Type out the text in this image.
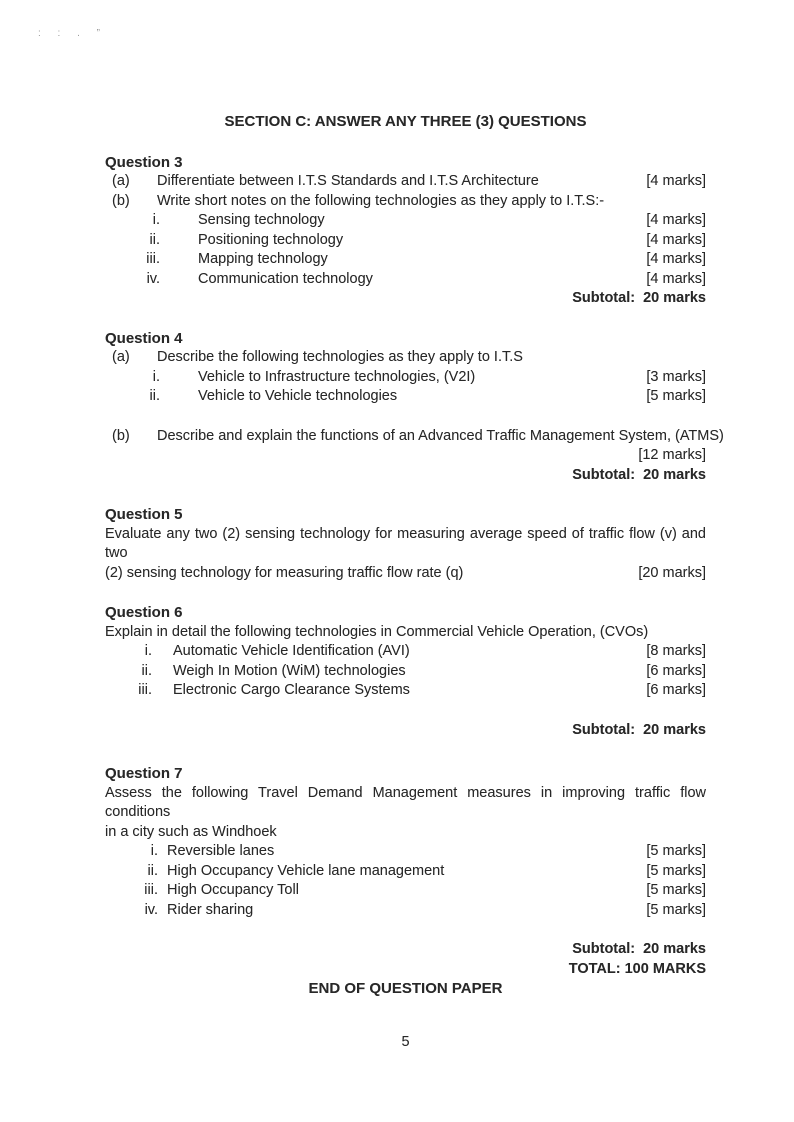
: : . ”
SECTION C: ANSWER ANY THREE (3) QUESTIONS
Question 3
(a)	Differentiate between I.T.S Standards and I.T.S Architecture	[4 marks]
(b)	Write short notes on the following technologies as they apply to I.T.S:-
i.	Sensing technology	[4 marks]
ii.	Positioning technology	[4 marks]
iii.	Mapping technology	[4 marks]
iv.	Communication technology	[4 marks]
Subtotal:  20 marks
Question 4
(a)	Describe the following technologies as they apply to I.T.S
i.	Vehicle to Infrastructure technologies, (V2I)	[3 marks]
ii.	Vehicle to Vehicle technologies	[5 marks]
(b)	Describe and explain the functions of an Advanced Traffic Management System, (ATMS)
[12 marks]
Subtotal:  20 marks
Question 5
Evaluate any two (2) sensing technology for measuring average speed of traffic flow (v) and two
(2) sensing technology for measuring traffic flow rate (q)	[20 marks]
Question 6
Explain in detail the following technologies in Commercial Vehicle Operation, (CVOs)
i. Automatic Vehicle Identification (AVI)	[8 marks]
ii. Weigh In Motion (WiM) technologies	[6 marks]
iii. Electronic Cargo Clearance Systems	[6 marks]
Subtotal:  20 marks
Question 7
Assess the following Travel Demand Management measures in improving traffic flow conditions
in a city such as Windhoek
i. Reversible lanes	[5 marks]
ii. High Occupancy Vehicle lane management	[5 marks]
iii. High Occupancy Toll	[5 marks]
iv. Rider sharing	[5 marks]
Subtotal:  20 marks
TOTAL: 100 MARKS
END OF QUESTION PAPER
5
